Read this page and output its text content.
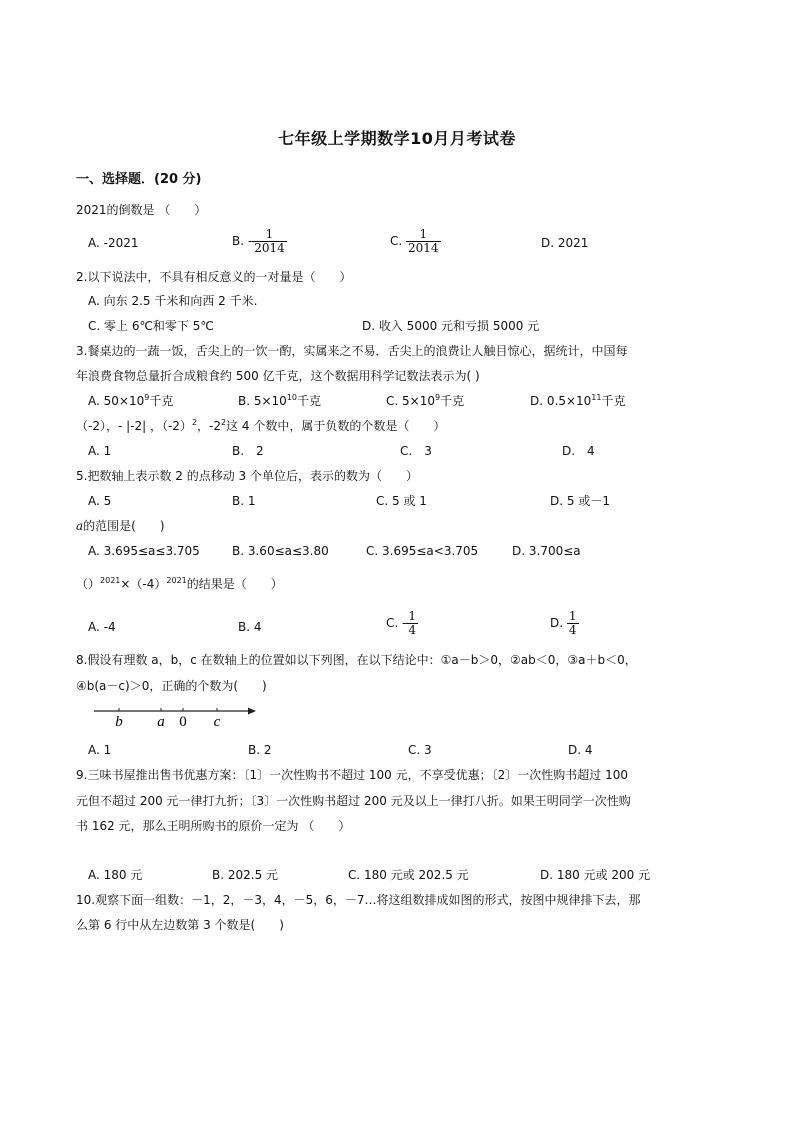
七年级上学期数学10月月考试卷
一、选择题．(20 分)
2021的倒数是 （　　）
A. -2021	B. - $\frac{1}{2014}$	C. $\frac{1}{2014}$	D. 2021
2.以下说法中，不具有相反意义的一对量是（　　）
A. 向东 2.5 千米和向西 2 千米.
C. 零上 6℃和零下 5℃	D. 收入 5000 元和亏损 5000 元
3.餐桌边的一蔬一饭，舌尖上的一饮一酌，实属来之不易．舌尖上的浪费让人触目惊心，据统计，中国每
年浪费食物总量折合成粮食约 500 亿千克，这个数据用科学记数法表示为( )
A. $50\times 10^9$千克	B. $5\times 10^{10}$千克	C. $5\times 10^9$千克	D. $0.5\times 10^{11}$千克
（-2），- |-2| ，$(-2)^2$，$-2^2$这 4 个数中，属于负数的个数是（　　）
A. 1	B.　2	C.　3	D.　4
5.把数轴上表示数 2 的点移动 3 个单位后，表示的数为（　　）
A. 5	B. 1	C. 5 或 1	D. 5 或－1
a的范围是(　　)
A. 3.695≤a≤3.705	B. 3.60≤a≤3.80	C. 3.695≤a<3.705	D. 3.700≤a
$()^{2021}\times(-4)^{2021}$的结果是（　　）
A. -4	B. 4	C. - $\frac{1}{4}$	D. $\frac{1}{4}$
8.假设有理数 a，b，c 在数轴上的位置如以下列图，在以下结论中：①a－b＞0，②ab＜0，③a＋b＜0，
④b(a－c)＞0，正确的个数为(　　)
b a 0 c
A. 1	B. 2	C. 3	D. 4
9.三味书屋推出售书优惠方案：〔1〕一次性购书不超过 100 元，不享受优惠；〔2〕一次性购书超过 100
元但不超过 200 元一律打九折；〔3〕一次性购书超过 200 元及以上一律打八折。如果王明同学一次性购
书 162 元，那么王明所购书的原价一定为 （　　）
A. 180 元	B. 202.5 元	C. 180 元或 202.5 元	D. 180 元或 200 元
10.观察下面一组数：－1，2，－3，4，－5，6，－7…将这组数排成如图的形式，按图中规律排下去，那
么第 6 行中从左边数第 3 个数是(　　)
